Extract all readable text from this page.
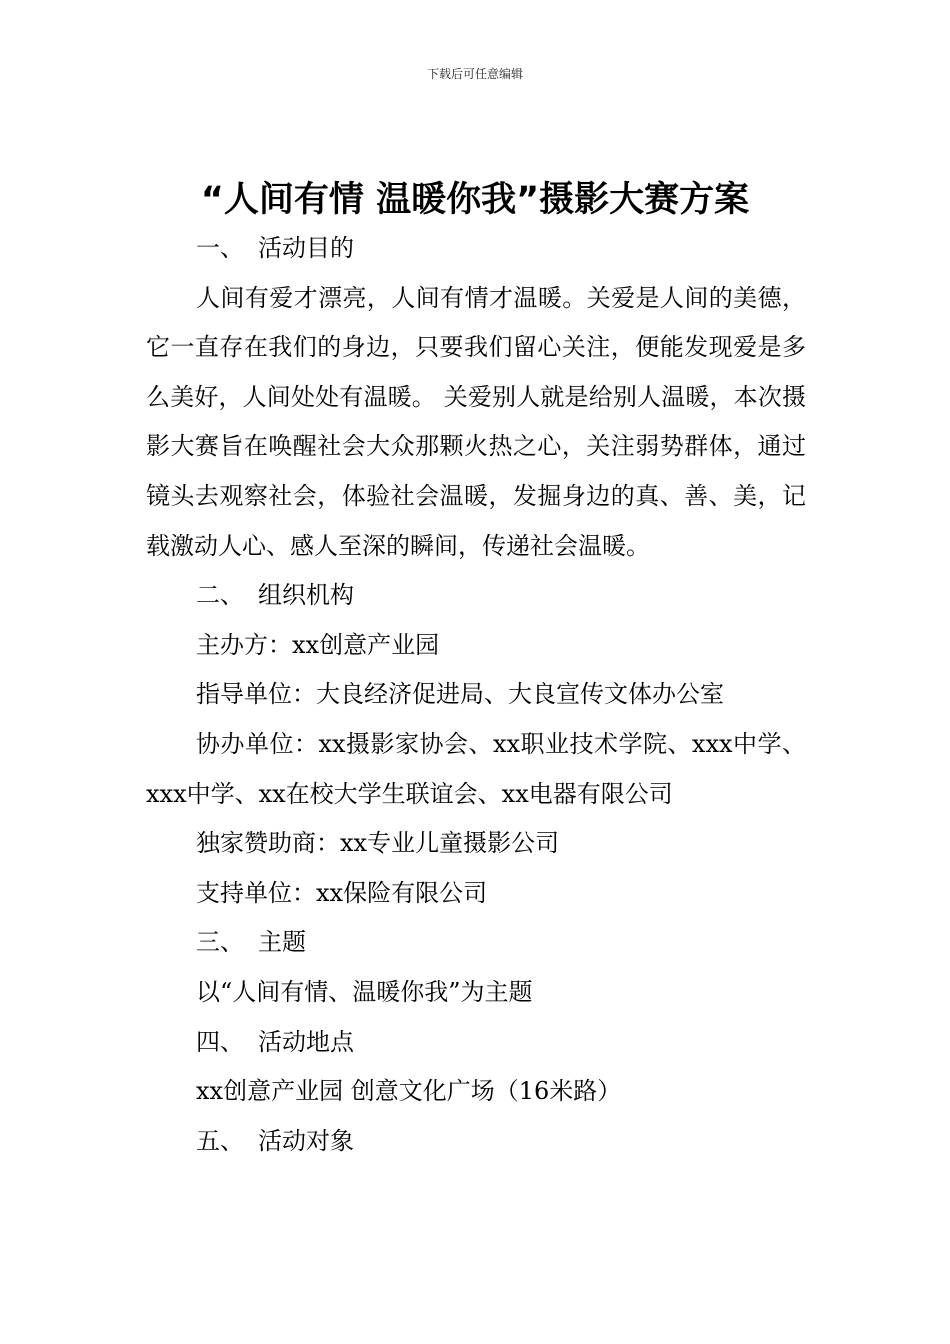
下载后可任意编辑
“人间有情 温暖你我”摄影大赛方案

一、 活动目的

人间有爱才漂亮，人间有情才温暖。关爱是人间的美德，它一直存在我们的身边，只要我们留心关注，便能发现爱是多么美好，人间处处有温暖。 关爱别人就是给别人温暖，本次摄影大赛旨在唤醒社会大众那颗火热之心，关注弱势群体，通过镜头去观察社会，体验社会温暖，发掘身边的真、善、美，记载激动人心、感人至深的瞬间，传递社会温暖。

二、 组织机构

主办方：xx创意产业园

指导单位：大良经济促进局、大良宣传文体办公室

协办单位：xx摄影家协会、xx职业技术学院、xxx中学、xxx中学、xx在校大学生联谊会、xx电器有限公司

独家赞助商：xx专业儿童摄影公司

支持单位：xx保险有限公司

三、 主题

以“人间有情、温暖你我”为主题

四、 活动地点

xx创意产业园 创意文化广场（16米路）

五、 活动对象
